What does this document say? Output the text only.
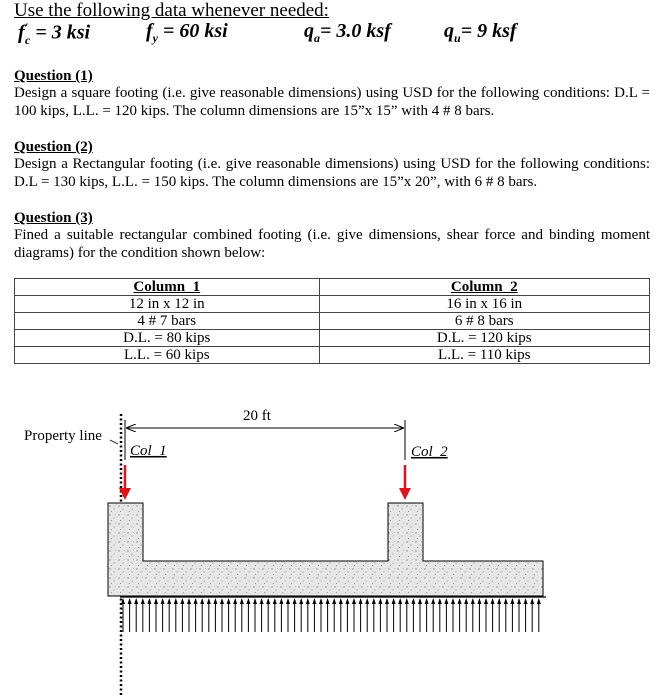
Use the following data whenever needed:
$f'_c = 3$ ksi	$f_y = 60$ ksi	$q_a= 3.0$ ksf	$q_u= 9$ ksf
Question (1)
Design a square footing (i.e. give reasonable dimensions) using USD for the following conditions: D.L = 100 kips, L.L. = 120 kips. The column dimensions are 15”x 15” with 4 # 8 bars.
Question (2)
Design a Rectangular footing (i.e. give reasonable dimensions) using USD for the following conditions: D.L = 130 kips, L.L. = 150 kips. The column dimensions are 15”x 20”, with 6 # 8 bars.
Question (3)
Fined a suitable rectangular combined footing (i.e. give dimensions, shear force and binding moment diagrams) for the condition shown below:
Column_1	Column_2
12 in x 12 in	16 in x 16 in
4 # 7 bars	6 # 8 bars
D.L. = 80 kips	D.L. = 120 kips
L.L. = 60 kips	L.L. = 110 kips
Property line
20 ft
Col_1	Col_2
